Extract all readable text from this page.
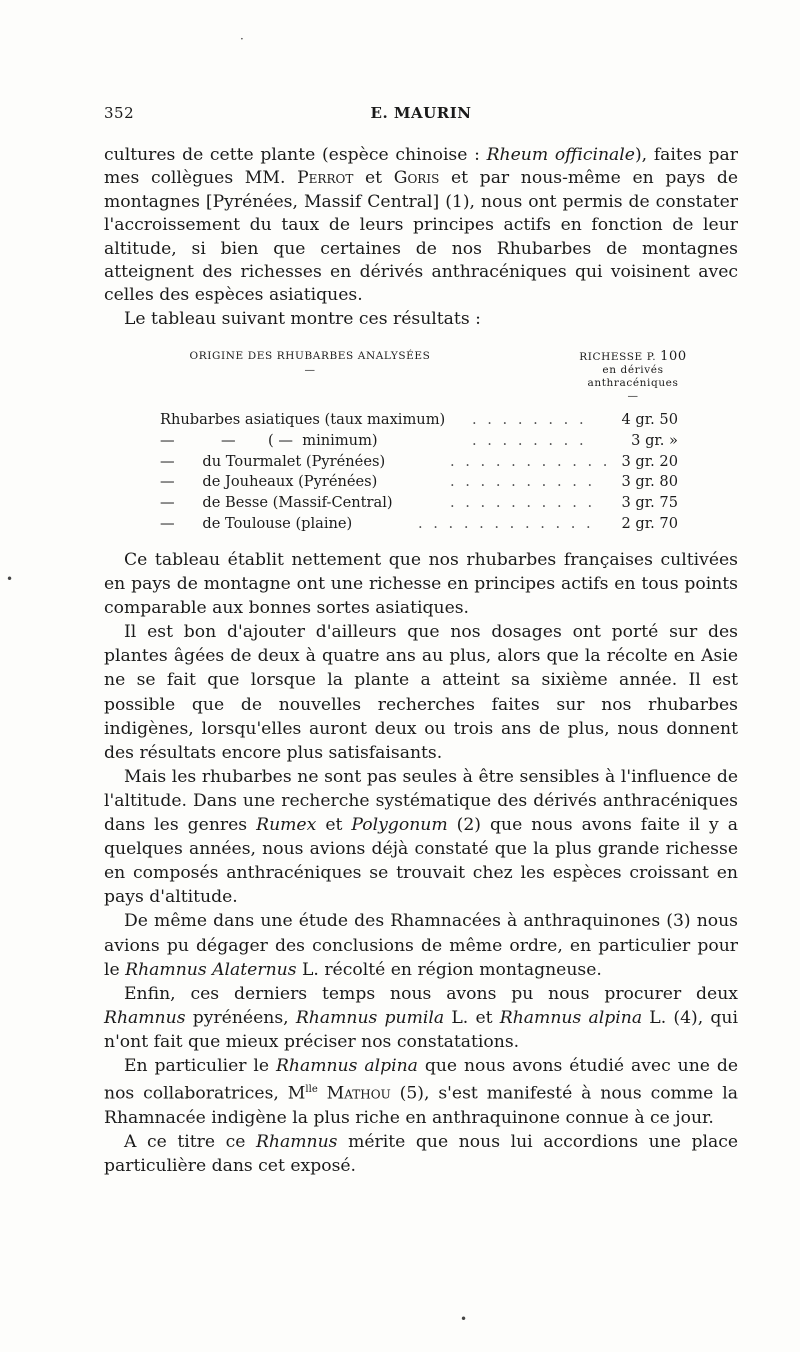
352	E. MAURIN

cultures de cette plante (espèce chinoise : Rheum officinale), faites par mes collègues MM. Perrot et Goris et par nous-même en pays de montagnes [Pyrénées, Massif Central] (1), nous ont permis de constater l'accroissement du taux de leurs principes actifs en fonction de leur altitude, si bien que certaines de nos Rhubarbes de montagnes atteignent des richesses en dérivés anthracéniques qui voisinent avec celles des espèces asiatiques.

Le tableau suivant montre ces résultats :

ORIGINE DES RHUBARBES ANALYSÉES
—
RICHESSE P. 100
en dérivés
anthracéniques
—
Rhubarbes asiatiques (taux maximum) . . . . . . . .	4 gr. 50
—          —       ( —  minimum)	. . . . . . . .	3 gr. »
—      du Tourmalet (Pyrénées)	. . . . . . . . . . . 3 gr. 20
—      de Jouheaux (Pyrénées)	. . . . . . . . . .	3 gr. 80
—      de Besse (Massif-Central)	. . . . . . . . . .	3 gr. 75
—      de Toulouse (plaine)	. . . . . . . . . . . .	2 gr. 70

Ce tableau établit nettement que nos rhubarbes françaises cultivées en pays de montagne ont une richesse en principes actifs en tous points comparable aux bonnes sortes asiatiques.

Il est bon d'ajouter d'ailleurs que nos dosages ont porté sur des plantes âgées de deux à quatre ans au plus, alors que la récolte en Asie ne se fait que lorsque la plante a atteint sa sixième année. Il est possible que de nouvelles recherches faites sur nos rhubarbes indigènes, lorsqu'elles auront deux ou trois ans de plus, nous donnent des résultats encore plus satisfaisants.

Mais les rhubarbes ne sont pas seules à être sensibles à l'influence de l'altitude. Dans une recherche systématique des dérivés anthracéniques dans les genres Rumex et Polygonum (2) que nous avons faite il y a quelques années, nous avions déjà constaté que la plus grande richesse en composés anthracéniques se trouvait chez les espèces croissant en pays d'altitude.

De même dans une étude des Rhamnacées à anthraquinones (3) nous avions pu dégager des conclusions de même ordre, en particulier pour le Rhamnus Alaternus L. récolté en région montagneuse.

Enfin, ces derniers temps nous avons pu nous procurer deux Rhamnus pyrénéens, Rhamnus pumila L. et Rhamnus alpina L. (4), qui n'ont fait que mieux préciser nos constatations.

En particulier le Rhamnus alpina que nous avons étudié avec une de nos collaboratrices, $M^{lle}$ Mathou (5), s'est manifesté à nous comme la Rhamnacée indigène la plus riche en anthraquinone connue à ce jour.

A ce titre ce Rhamnus mérite que nous lui accordions une place particulière dans cet exposé.

·
•
•
